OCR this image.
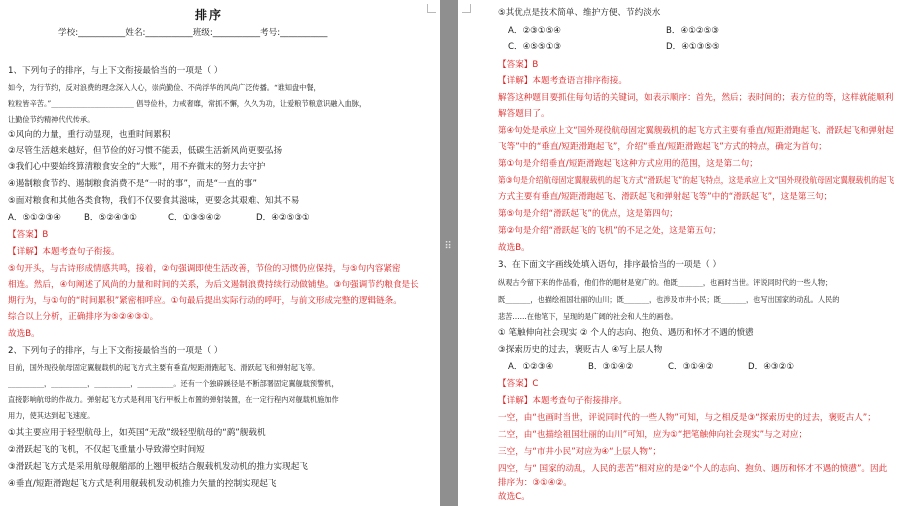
排序
学校:___________姓名:___________班级:___________考号:___________
1、下列句子的排序，与上下文衔接最恰当的一项是（ ）
如今，为行节约，反对浪费的理念深入人心，崇尚勤俭、不尚浮华的风尚广泛传播。“谁知盘中餐，
粒粒皆辛苦。”_______________________ 倡导俭朴，力戒奢靡，常抓不懈，久久为功，让爱粮节粮意识融入血脉，
让勤俭节约精神代代传承。
①风向的力量，重行动显现，也重时间累积
②尽管生活越来越好，但节俭的好习惯不能丢，低碳生活新风尚更要弘扬
③我们心中要始终算清粮食安全的“大账”，用不弃微末的努力去守护
④遏制粮食节约、遏制粮食消费不是“一时的事”，而是“一直的事”
⑤面对粮食和其他各类食物，我们不仅要食其滋味，更要念其艰难、知其不易
A．⑤①②③④	B．⑤②④③①	C．①③⑤④②	D．④②⑤③①
【答案】B
【详解】本题考查句子衔接。
⑤句开头，与古诗形成情感共鸣，接着，②句强调即使生活改善，节俭的习惯仍应保持，与⑤句内容紧密
相连。然后，④句阐述了风尚的力量和时间的关系，为后文遏制浪费持续行动做铺垫。③句强调节约粮食是长
期行为，与①句的“时间累积”紧密相呼应。①句最后提出实际行动的呼吁，与前文形成完整的逻辑链条。
综合以上分析，正确排序为⑤②④③①。
故选B。
2、下列句子的排序，与上下文衔接最恰当的一项是（ ）
目前，国外现役航母固定翼舰载机的起飞方式主要有垂直/短距滑跑起飞、滑跃起飞和弹射起飞等。
__________，__________，__________，__________。还有一个独辟蹊径是不断部署固定翼舰载预警机，
直接影响航母的作战力。弹射起飞方式是利用飞行甲板上布置的弹射装置，在一定行程内对舰载机施加作
用力，使其达到起飞速度。
①其主要应用于轻型航母上，如英国“无敌”级轻型航母的“鹞”舰载机
②滑跃起飞的飞机，不仅起飞重量小导致滞空时间短
③滑跃起飞方式是采用航母舰艏部的上翘甲板结合舰载机发动机的推力实现起飞
④垂直/短距滑跑起飞方式是利用舰载机发动机推力矢量的控制实现起飞
⠿
⑤其优点是技术简单、维护方便、节约淡水
A．②③①⑤④	B．④①②⑤③
C．④⑤⑤①③	D．④①③⑤⑤
【答案】B
【详解】本题考查语言排序衔接。
解答这种题目要抓住每句话的关键词，如表示顺序：首先，然后；表时间的；表方位的等，这样就能顺利
解答题目了。
第④句处是承应上文“国外现役航母固定翼舰载机的起飞方式主要有垂直/短距滑跑起飞、滑跃起飞和弹射起
飞等”中的“垂直/短距滑跑起飞”，介绍“垂直/短距滑跑起飞”方式的特点，确定为首句；
第①句是介绍垂直/短距滑跑起飞这种方式应用的范围，这是第二句；
第③句是介绍航母固定翼舰载机的起飞方式“滑跃起飞”的起飞特点，这是承应上文“国外现役航母固定翼舰载机的起飞
方式主要有垂直/短距滑跑起飞、滑跃起飞和弹射起飞等”中的“滑跃起飞”，这是第三句；
第⑤句是介绍“滑跃起飞”的优点，这是第四句；
第②句是介绍“滑跃起飞的飞机”的不足之处，这是第五句；
故选B。
3、在下面文字画线处填入语句，排序最恰当的一项是（ ）
纵观古今留下来的作品看，他们作的题材是宽广的。他既_______，也画时当世。评说同时代的一些人物；
既_______，也描绘祖国壮丽的山川；既_______，也涉及市井小民；既_______，也写出国家的动乱。人民的
悲苦……在他笔下，呈现的是广阔的社会和人生的画卷。
① 笔触伸向社会现实 ② 个人的志向、抱负、遇历和怀才不遇的愤懑
③探索历史的过去，褒贬古人 ④写上层人物
A．①②③④	B．③①④②	C．③①④②	D．④③②①
【答案】C
【详解】本题考查句子衔接排序。
一空，由“也画时当世，评说同时代的一些人物”可知，与之相反是③“探索历史的过去，褒贬古人”；
二空，由“也描绘祖国壮丽的山川”可知，应为①“把笔触伸向社会现实”与之对应；
三空，与“市井小民”对应为④“上层人物”；
四空，与“ 国家的动乱，人民的悲苦”相对应的是②“个人的志向、抱负、遇历和怀才不遇的愤懑”。因此
排序为：③①④②。
故选C。
